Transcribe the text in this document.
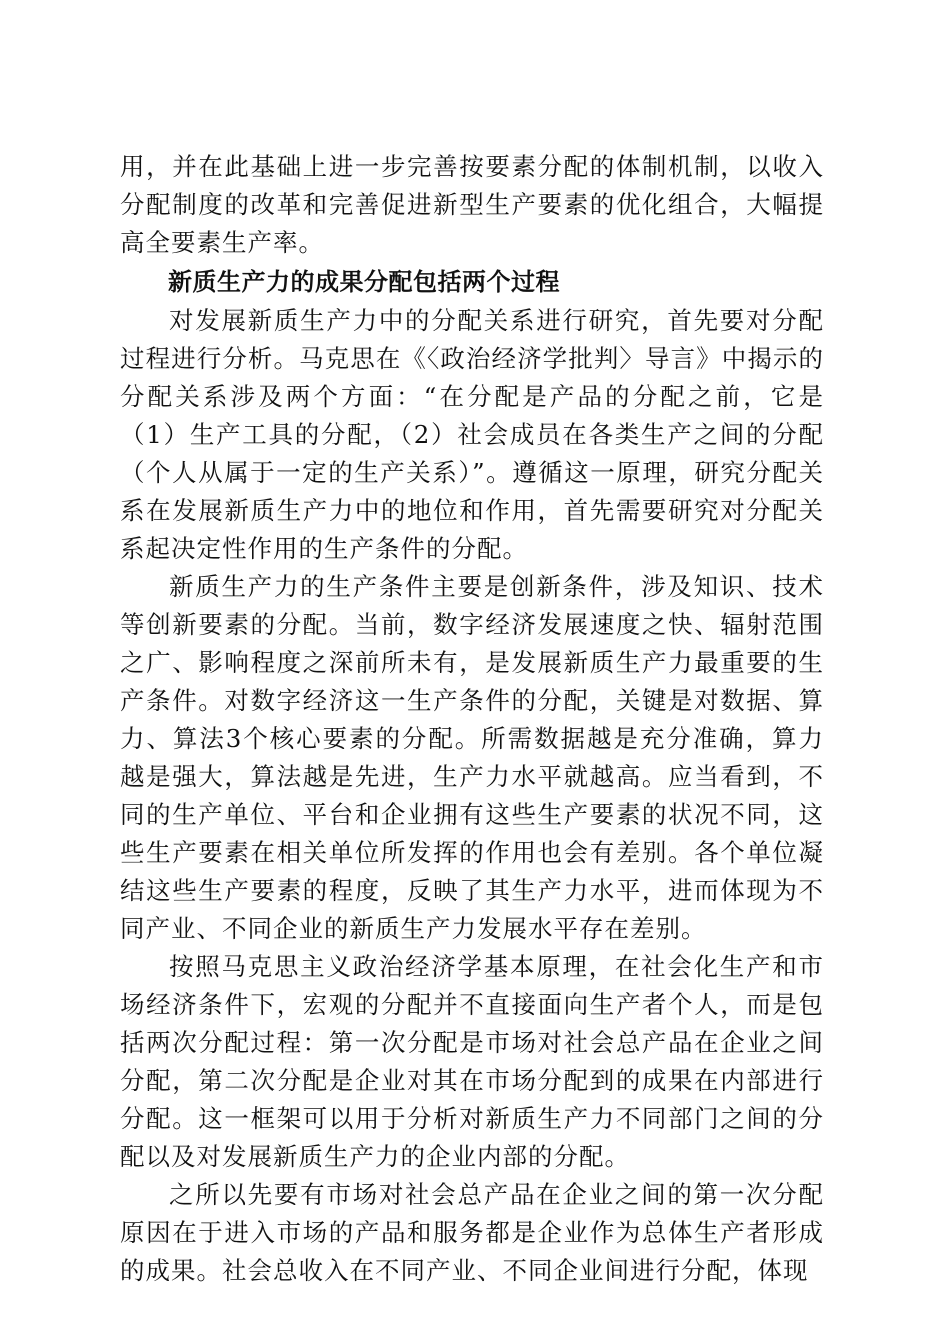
用，并在此基础上进一步完善按要素分配的体制机制，以收入分配制度的改革和完善促进新型生产要素的优化组合，大幅提高全要素生产率。

新质生产力的成果分配包括两个过程

对发展新质生产力中的分配关系进行研究，首先要对分配过程进行分析。马克思在《〈政治经济学批判〉导言》中揭示的分配关系涉及两个方面：“在分配是产品的分配之前，它是（1）生产工具的分配，（2）社会成员在各类生产之间的分配（个人从属于一定的生产关系）”。遵循这一原理，研究分配关系在发展新质生产力中的地位和作用，首先需要研究对分配关系起决定性作用的生产条件的分配。

新质生产力的生产条件主要是创新条件，涉及知识、技术等创新要素的分配。当前，数字经济发展速度之快、辐射范围之广、影响程度之深前所未有，是发展新质生产力最重要的生产条件。对数字经济这一生产条件的分配，关键是对数据、算力、算法3个核心要素的分配。所需数据越是充分准确，算力越是强大，算法越是先进，生产力水平就越高。应当看到，不同的生产单位、平台和企业拥有这些生产要素的状况不同，这些生产要素在相关单位所发挥的作用也会有差别。各个单位凝结这些生产要素的程度，反映了其生产力水平，进而体现为不同产业、不同企业的新质生产力发展水平存在差别。

按照马克思主义政治经济学基本原理，在社会化生产和市场经济条件下，宏观的分配并不直接面向生产者个人，而是包括两次分配过程：第一次分配是市场对社会总产品在企业之间分配，第二次分配是企业对其在市场分配到的成果在内部进行分配。这一框架可以用于分析对新质生产力不同部门之间的分配以及对发展新质生产力的企业内部的分配。

之所以先要有市场对社会总产品在企业之间的第一次分配原因在于进入市场的产品和服务都是企业作为总体生产者形成的成果。社会总收入在不同产业、不同企业间进行分配，体现
